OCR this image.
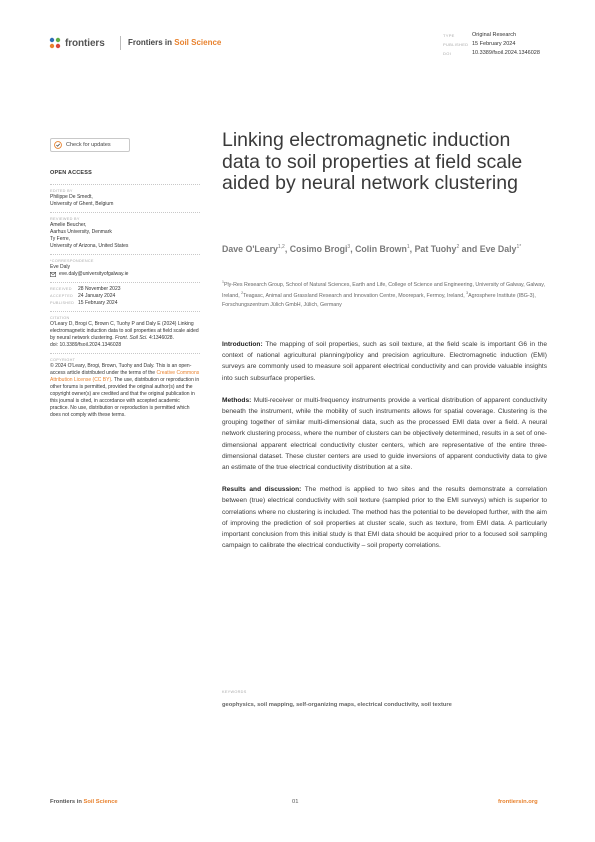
frontiers	Frontiers in Soil Science
TYPE	Original Research
PUBLISHED 15 February 2024
DOI	10.3389/fsoil.2024.1346028
Check for updates
OPEN ACCESS
EDITED BY
Philippe De Smedt,
University of Ghent, Belgium
REVIEWED BY
Amelie Beucher,
Aarhus University, Denmark
Ty Ferre,
University of Arizona, United States
*CORRESPONDENCE
Eve Daly
eve.daly@universityofgalway.ie
RECEIVED 28 November 2023
ACCEPTED 24 January 2024
PUBLISHED 15 February 2024
CITATION
O'Leary D, Brogi C, Brown C, Tuohy P and Daly E (2024) Linking electromagnetic induction data to soil properties at field scale aided by neural network clustering. Front. Soil Sci. 4:1346028.
doi: 10.3389/fsoil.2024.1346028
COPYRIGHT
© 2024 O'Leary, Brogi, Brown, Tuohy and Daly. This is an open-access article distributed under the terms of the Creative Commons Attribution License (CC BY). The use, distribution or reproduction in other forums is permitted, provided the original author(s) and the copyright owner(s) are credited and that the original publication in this journal is cited, in accordance with accepted academic practice. No use, distribution or reproduction is permitted which does not comply with these terms.
Linking electromagnetic induction data to soil properties at field scale aided by neural network clustering
Dave O'Leary$^{1,2}$, Cosimo Brogi$^3$, Colin Brown$^1$, Pat Tuohy$^2$ and Eve Daly$^{1*}$
$^1$Ply-Res Research Group, School of Natural Sciences, Earth and Life, College of Science and Engineering, University of Galway, Galway, Ireland, $^2$Teagasc, Animal and Grassland Research and Innovation Centre, Moorepark, Fermoy, Ireland, $^3$Agrosphere Institute (IBG-3), Forschungszentrum Jülich GmbH, Jülich, Germany

Introduction: The mapping of soil properties, such as soil texture, at the field scale is important G6 in the context of national agricultural planning/policy and precision agriculture. Electromagnetic induction (EMI) surveys are commonly used to measure soil apparent electrical conductivity and can provide valuable insights into such subsurface properties.

Methods: Multi-receiver or multi-frequency instruments provide a vertical distribution of apparent conductivity beneath the instrument, while the mobility of such instruments allows for spatial coverage. Clustering is the grouping together of similar multi-dimensional data, such as the processed EMI data over a field. A neural network clustering process, where the number of clusters can be objectively determined, results in a set of one-dimensional apparent electrical conductivity cluster centers, which are representative of the entire three-dimensional dataset. These cluster centers are used to guide inversions of apparent conductivity data to give an estimate of the true electrical conductivity distribution at a site.

Results and discussion: The method is applied to two sites and the results demonstrate a correlation between (true) electrical conductivity with soil texture (sampled prior to the EMI surveys) which is superior to correlations where no clustering is included. The method has the potential to be developed further, with the aim of improving the prediction of soil properties at cluster scale, such as texture, from EMI data. A particularly important conclusion from this initial study is that EMI data should be acquired prior to a focused soil sampling campaign to calibrate the electrical conductivity – soil property correlations.

KEYWORDS
geophysics, soil mapping, self-organizing maps, electrical conductivity, soil texture
Frontiers in Soil Science	01	frontiersin.org
